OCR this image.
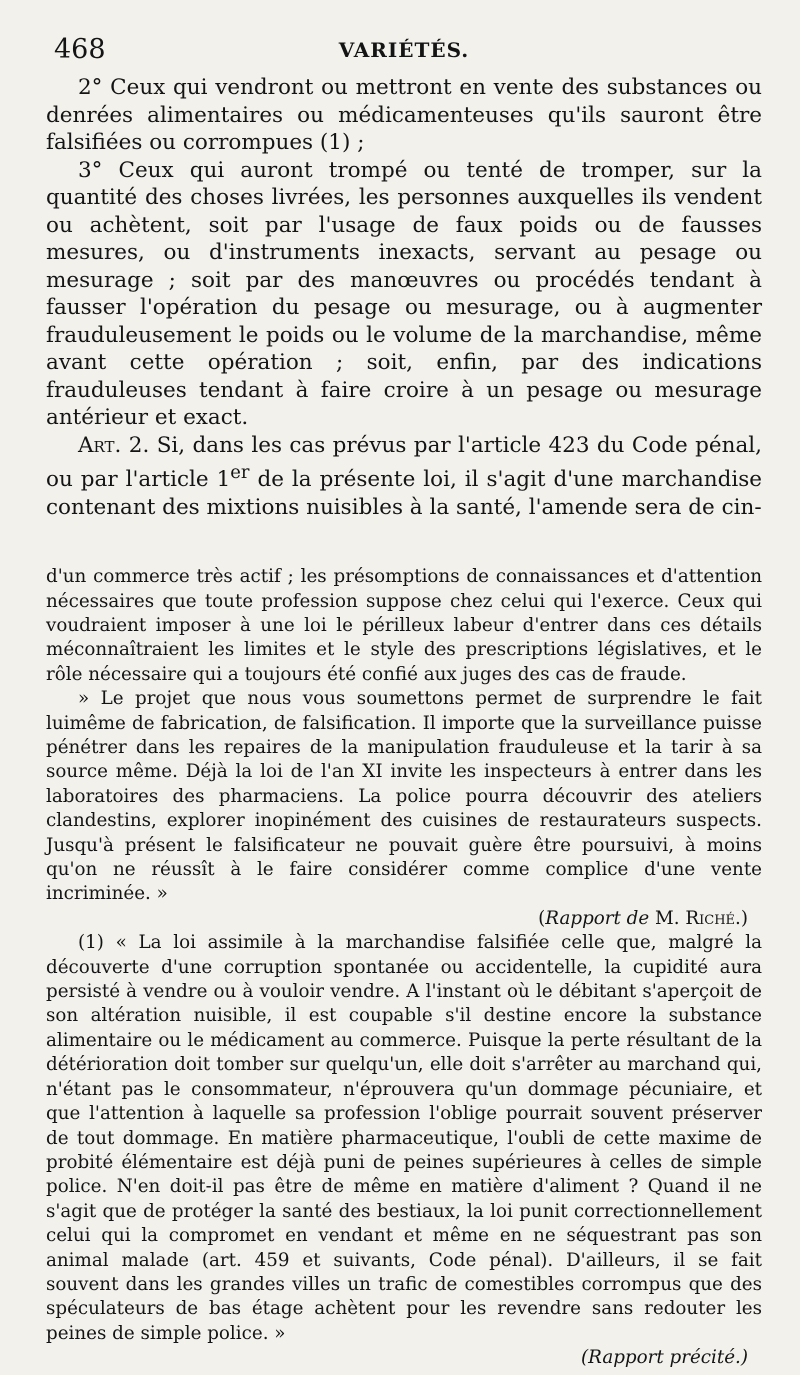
468	VARIÉTÉS.

2° Ceux qui vendront ou mettront en vente des substances ou denrées alimentaires ou médicamenteuses qu'ils sauront être falsifiées ou corrompues (1) ;

3° Ceux qui auront trompé ou tenté de tromper, sur la quantité des choses livrées, les personnes auxquelles ils vendent ou achètent, soit par l'usage de faux poids ou de fausses mesures, ou d'instruments inexacts, servant au pesage ou mesurage ; soit par des manœuvres ou procédés tendant à fausser l'opération du pesage ou mesurage, ou à augmenter frauduleusement le poids ou le volume de la marchandise, même avant cette opération ; soit, enfin, par des indications frauduleuses tendant à faire croire à un pesage ou mesurage antérieur et exact.

Art. 2. Si, dans les cas prévus par l'article 423 du Code pénal, ou par l'article 1er de la présente loi, il s'agit d'une marchandise contenant des mixtions nuisibles à la santé, l'amende sera de cin-

d'un commerce très actif ; les présomptions de connaissances et d'attention nécessaires que toute profession suppose chez celui qui l'exerce. Ceux qui voudraient imposer à une loi le périlleux labeur d'entrer dans ces détails méconnaîtraient les limites et le style des prescriptions législatives, et le rôle nécessaire qui a toujours été confié aux juges des cas de fraude.

» Le projet que nous vous soumettons permet de surprendre le fait luimême de fabrication, de falsification. Il importe que la surveillance puisse pénétrer dans les repaires de la manipulation frauduleuse et la tarir à sa source même. Déjà la loi de l'an XI invite les inspecteurs à entrer dans les laboratoires des pharmaciens. La police pourra découvrir des ateliers clandestins, explorer inopinément des cuisines de restaurateurs suspects. Jusqu'à présent le falsificateur ne pouvait guère être poursuivi, à moins qu'on ne réussît à le faire considérer comme complice d'une vente incriminée. »
(Rapport de M. Riché.)

(1) « La loi assimile à la marchandise falsifiée celle que, malgré la découverte d'une corruption spontanée ou accidentelle, la cupidité aura persisté à vendre ou à vouloir vendre. A l'instant où le débitant s'aperçoit de son altération nuisible, il est coupable s'il destine encore la substance alimentaire ou le médicament au commerce. Puisque la perte résultant de la détérioration doit tomber sur quelqu'un, elle doit s'arrêter au marchand qui, n'étant pas le consommateur, n'éprouvera qu'un dommage pécuniaire, et que l'attention à laquelle sa profession l'oblige pourrait souvent préserver de tout dommage. En matière pharmaceutique, l'oubli de cette maxime de probité élémentaire est déjà puni de peines supérieures à celles de simple police. N'en doit-il pas être de même en matière d'aliment ? Quand il ne s'agit que de protéger la santé des bestiaux, la loi punit correctionnellement celui qui la compromet en vendant et même en ne séquestrant pas son animal malade (art. 459 et suivants, Code pénal). D'ailleurs, il se fait souvent dans les grandes villes un trafic de comestibles corrompus que des spéculateurs de bas étage achètent pour les revendre sans redouter les peines de simple police. »

(Rapport précité.)
